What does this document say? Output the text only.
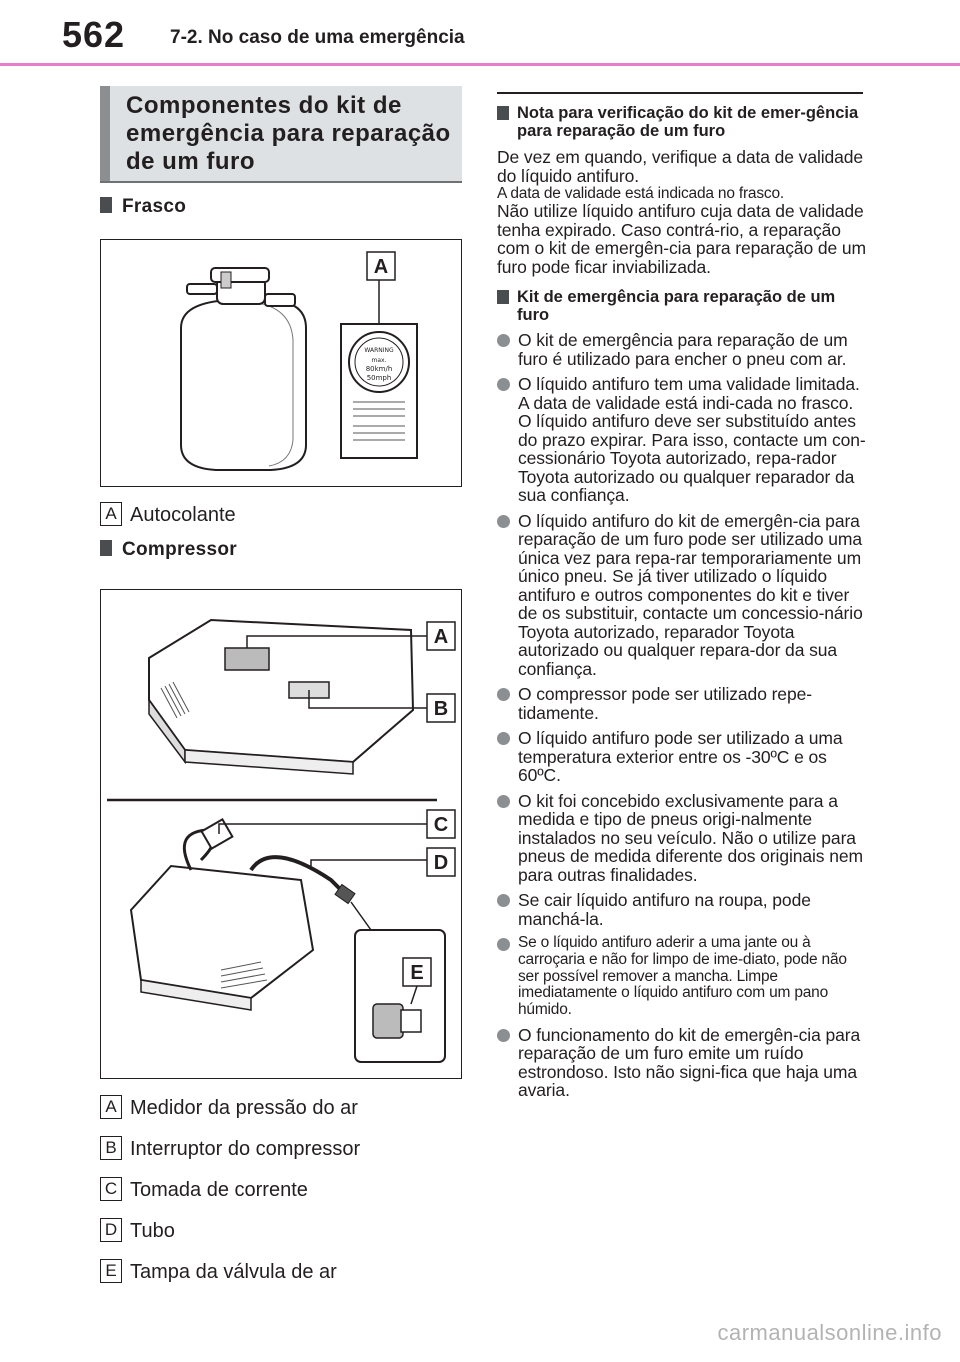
562 7-2. No caso de uma emergência
Componentes do kit de emergência para reparação de um furo
Frasco
WARNING
max.
80km/h
50mph
A
A Autocolante
Compressor
A
B
C
D
E
A Medidor da pressão do ar
B Interruptor do compressor
C Tomada de corrente
D Tubo
E Tampa da válvula de ar
Nota para verificação do kit de emer-gência para reparação de um furo
De vez em quando, verifique a data de validade do líquido antifuro.
A data de validade está indicada no frasco.
Não utilize líquido antifuro cuja data de validade tenha expirado. Caso contrá-rio, a reparação com o kit de emergên-cia para reparação de um furo pode ficar inviabilizada.
Kit de emergência para reparação de um furo
O kit de emergência para reparação de um furo é utilizado para encher o pneu com ar.
O líquido antifuro tem uma validade limitada. A data de validade está indi-cada no frasco. O líquido antifuro deve ser substituído antes do prazo expirar. Para isso, contacte um con-cessionário Toyota autorizado, repa-rador Toyota autorizado ou qualquer reparador da sua confiança.
O líquido antifuro do kit de emergên-cia para reparação de um furo pode ser utilizado uma única vez para repa-rar temporariamente um único pneu. Se já tiver utilizado o líquido antifuro e outros componentes do kit e tiver de os substituir, contacte um concessio-nário Toyota autorizado, reparador Toyota autorizado ou qualquer repara-dor da sua confiança.
O compressor pode ser utilizado repe-tidamente.
O líquido antifuro pode ser utilizado a uma temperatura exterior entre os -30ºC e os 60ºC.
O kit foi concebido exclusivamente para a medida e tipo de pneus origi-nalmente instalados no seu veículo. Não o utilize para pneus de medida diferente dos originais nem para outras finalidades.
Se cair líquido antifuro na roupa, pode manchá-la.
Se o líquido antifuro aderir a uma jante ou à carroçaria e não for limpo de ime-diato, pode não ser possível remover a mancha. Limpe imediatamente o líquido antifuro com um pano húmido.
O funcionamento do kit de emergên-cia para reparação de um furo emite um ruído estrondoso. Isto não signi-fica que haja uma avaria.
carmanualsonline.info
